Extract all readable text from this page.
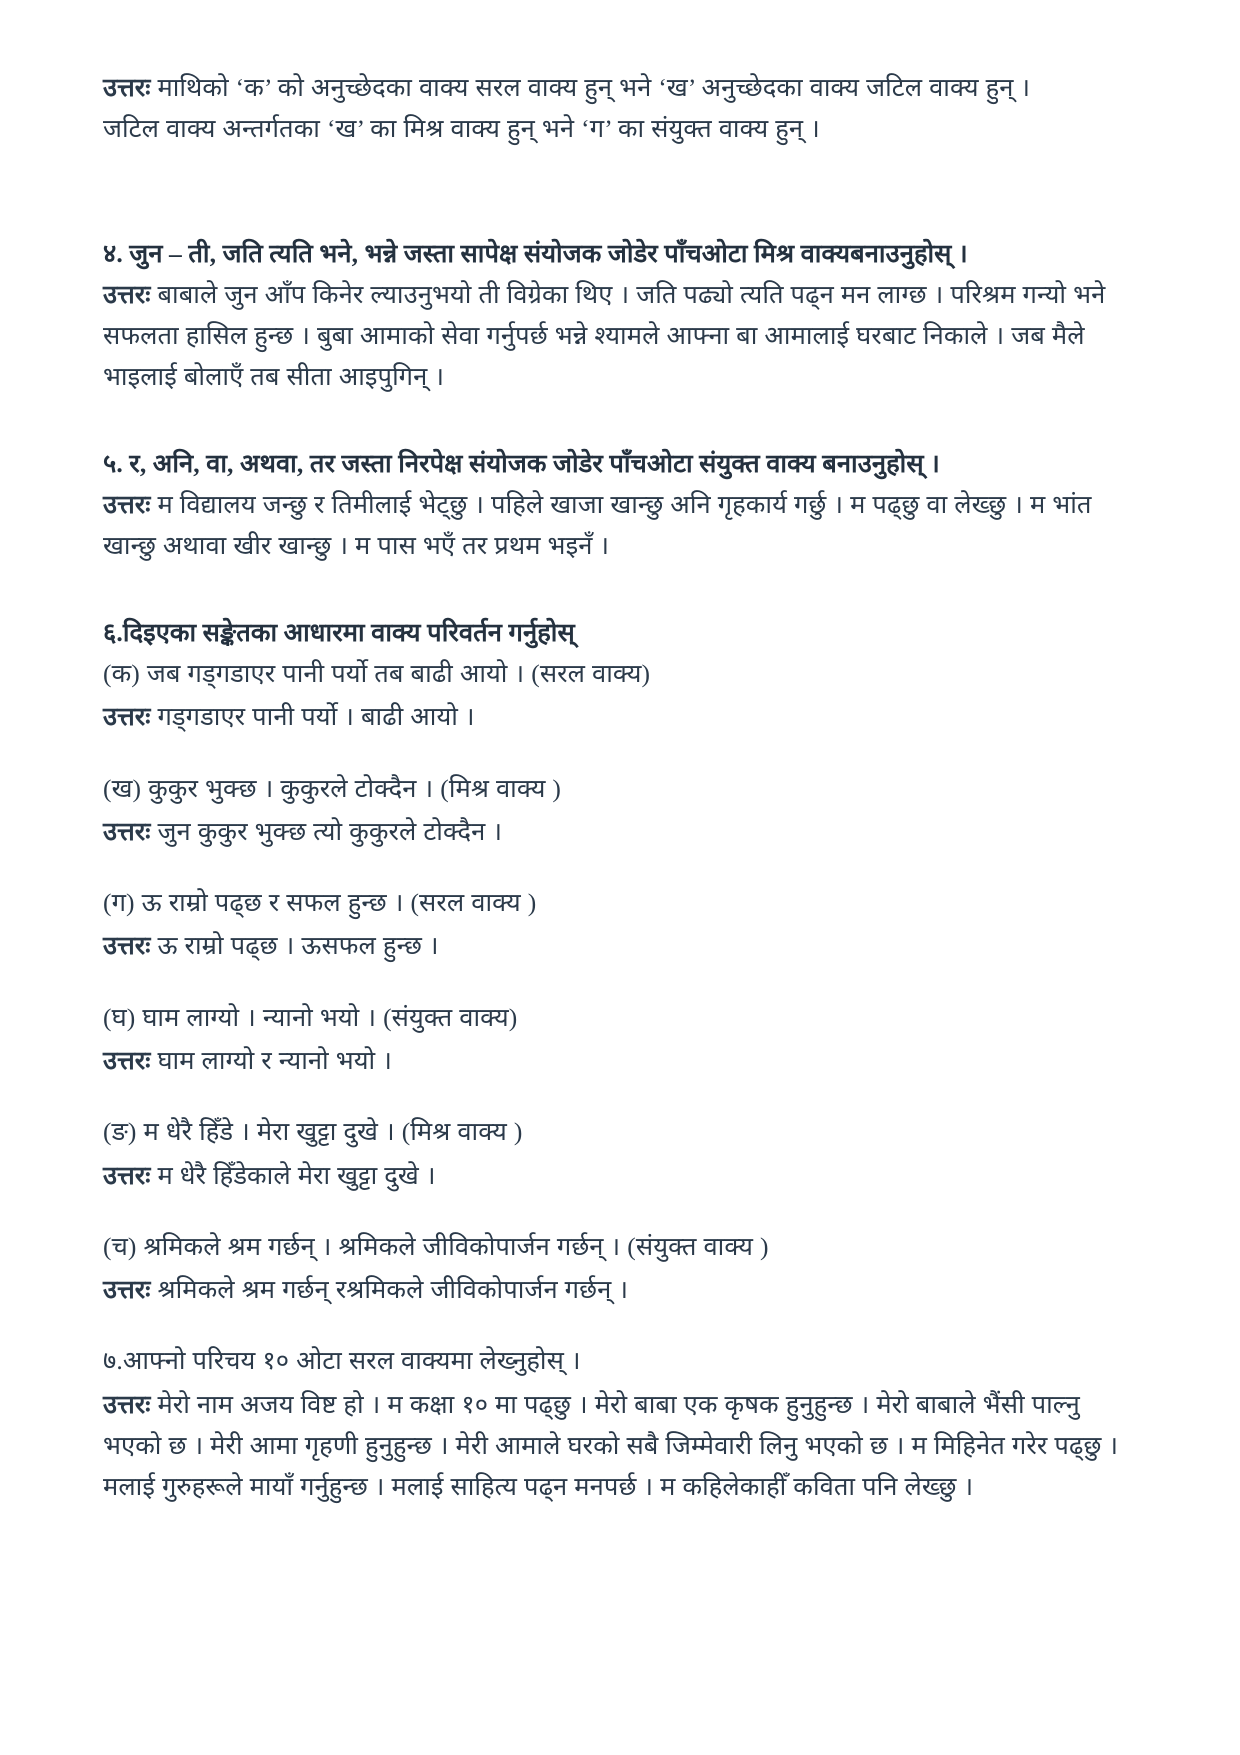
उत्तरः माथिको ‘क’ को अनुच्छेदका वाक्य सरल वाक्य हुन् भने ‘ख’ अनुच्छेदका वाक्य जटिल वाक्य हुन् ।

जटिल वाक्य अन्तर्गतका ‘ख’ का मिश्र वाक्य हुन् भने ‘ग’ का संयुक्त वाक्य हुन् ।

४. जुन – ती, जति त्यति भने, भन्ने जस्ता सापेक्ष संयोजक जोडेर पाँचओटा मिश्र वाक्यबनाउनुहोस् ।

उत्तरः बाबाले जुन आँप किनेर ल्याउनुभयो ती विग्रेका थिए । जति पढ्यो त्यति पढ्न मन लाग्छ । परिश्रम गन्यो भने सफलता हासिल हुन्छ । बुबा आमाको सेवा गर्नुपर्छ भन्ने श्यामले आफ्ना बा आमालाई घरबाट निकाले । जब मैले भाइलाई बोलाएँ तब सीता आइपुगिन् ।

५. र, अनि, वा, अथवा, तर जस्ता निरपेक्ष संयोजक जोडेर पाँचओटा संयुक्त वाक्य बनाउनुहोस् ।

उत्तरः म विद्यालय जन्छु र तिमीलाई भेट्छु । पहिले खाजा खान्छु अनि गृहकार्य गर्छु । म पढ्छु वा लेख्छु । म भांत खान्छु अथावा खीर खान्छु । म पास भएँ तर प्रथम भइनँ ।

६.दिइएका सङ्केतका आधारमा वाक्य परिवर्तन गर्नुहोस्

(क) जब गड्गडाएर पानी पर्यो तब बाढी आयो । (सरल वाक्य)

उत्तरः गड्गडाएर पानी पर्यो । बाढी आयो ।

(ख) कुकुर भुक्छ । कुकुरले टोक्दैन । (मिश्र वाक्य )

उत्तरः जुन कुकुर भुक्छ त्यो कुकुरले टोक्दैन ।

(ग) ऊ राम्रो पढ्छ र सफल हुन्छ । (सरल वाक्य )

उत्तरः ऊ राम्रो पढ्छ । ऊसफल हुन्छ ।

(घ) घाम लाग्यो । न्यानो भयो । (संयुक्त वाक्य)

उत्तरः घाम लाग्यो र न्यानो भयो ।

(ङ) म धेरै हिँडे । मेरा खुट्टा दुखे । (मिश्र वाक्य )

उत्तरः म धेरै हिँडेकाले मेरा खुट्टा दुखे ।

(च) श्रमिकले श्रम गर्छन् । श्रमिकले जीविकोपार्जन गर्छन् । (संयुक्त वाक्य )

उत्तरः श्रमिकले श्रम गर्छन् रश्रमिकले जीविकोपार्जन गर्छन् ।

७.आफ्नो परिचय १० ओटा सरल वाक्यमा लेख्नुहोस् ।

उत्तरः मेरो नाम अजय विष्ट हो । म कक्षा १० मा पढ्छु । मेरो बाबा एक कृषक हुनुहुन्छ । मेरो बाबाले भैंसी पाल्नु भएको छ । मेरी आमा गृहणी हुनुहुन्छ । मेरी आमाले घरको सबै जिम्मेवारी लिनु भएको छ । म मिहिनेत गरेर पढ्छु । मलाई गुरुहरूले मायाँ गर्नुहुन्छ । मलाई साहित्य पढ्न मनपर्छ । म कहिलेकाहीँ कविता पनि लेख्छु ।
